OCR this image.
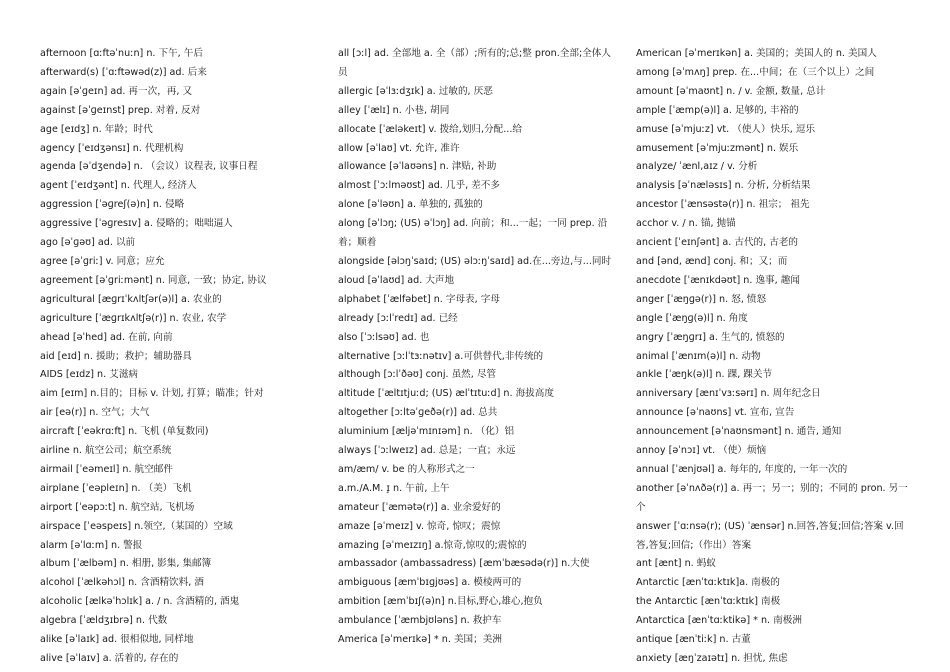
afternoon [ɑːftəˈnuːn] n. 下午, 午后
afterward(s) [ˈɑːftəwəd(z)] ad. 后来
again [əˈɡeɪn] ad. 再一次，再, 又
against [əˈɡeɪnst] prep. 对着, 反对
age [eɪdʒ] n. 年龄；时代
agency [ˈeɪdʒənsɪ] n. 代理机构
agenda [əˈdʒendə] n. （会议）议程表, 议事日程
agent [ˈeɪdʒənt] n. 代理人, 经济人
aggression [ˈəɡreʃ(ə)n] n. 侵略
aggressive [ˈəɡresɪv] a. 侵略的；咄咄逼人
ago [əˈɡəʊ] ad. 以前
agree [əˈɡriː] v. 同意；应允
agreement [əˈɡriːmənt] n. 同意, 一致；协定, 协议
agricultural [æɡrɪˈkʌltʃər(ə)l] a. 农业的
agriculture [ˈæɡrɪkʌltʃə(r)] n. 农业, 农学
ahead [əˈhed] ad. 在前, 向前
aid [eɪd] n. 援助；救护；辅助器具
AIDS [eɪdz] n. 艾滋病
aim [eɪm] n.目的；目标 v. 计划, 打算；瞄准；针对
air [eə(r)] n. 空气；大气
aircraft [ˈeəkrɑːft] n. 飞机 (单复数同)
airline n. 航空公司；航空系统
airmail [ˈeəmeɪl] n. 航空邮件
airplane [ˈeəpleɪn] n. （美）飞机
airport [ˈeəpɔːt] n. 航空站, 飞机场
airspace [ˈeəspeɪs] n.领空,（某国的）空域
alarm [əˈlɑːm] n. 警报
album [ˈælbəm] n. 相册, 影集, 集邮簿
alcohol [ˈælkəhɔl] n. 含酒精饮料, 酒
alcoholic [ælkəˈhɔlɪk] a. / n. 含酒精的, 酒鬼
algebra [ˈældʒɪbrə] n. 代数
alike [əˈlaɪk] ad. 很相似地, 同样地
alive [əˈlaɪv] a. 活着的, 存在的
all [ɔːl] ad. 全部地 a. 全（部）;所有的;总;整 pron.全部;全体人员
allergic [əˈlɜːdʒɪk] a. 过敏的, 厌恶
alley [ˈælɪ] n. 小巷, 胡同
allocate [ˈæləkeɪt] v. 拨给,划归,分配...给
allow [əˈlaʊ] vt. 允许, 准许
allowance [əˈlaʊəns] n. 津贴, 补助
almost [ˈɔːlməʊst] ad. 几乎, 差不多
alone [əˈləʊn] a. 单独的, 孤独的
along [əˈlɔŋ; (US) əˈlɔŋ] ad. 向前；和...一起；一同 prep. 沿着；顺着
alongside [əlɔŋˈsaɪd; (US) əlɔːŋˈsaɪd] ad.在...旁边,与...同时
aloud [əˈlaʊd] ad. 大声地
alphabet [ˈælfəbet] n. 字母表, 字母
already [ɔːlˈredɪ] ad. 已经
also [ˈɔːlsəʊ] ad. 也
alternative [ɔːlˈtɜːnətɪv] a.可供替代,非传统的
although [ɔːlˈðəʊ] conj. 虽然, 尽管
altitude [ˈæltɪtjuːd; (US) ælˈtɪtuːd] n. 海拔高度
altogether [ɔːltəˈɡeðə(r)] ad. 总共
aluminium [æljəˈmɪnɪəm] n. （化）铝
always [ˈɔːlweɪz] ad. 总是；一直；永远
am/æm/ v. be 的人称形式之一
a.m./A.M. ɪ̧ n. 午前, 上午
amateur [ˈæmətə(r)] a. 业余爱好的
amaze [əˈmeɪz] v. 惊奇, 惊叹；震惊
amazing [əˈmeɪzɪŋ] a.惊奇,惊叹的;震惊的
ambassador (ambassadress) [æmˈbæsədə(r)] n.大使
ambiguous [æmˈbɪɡjʊəs] a. 模棱两可的
ambition [æmˈbɪʃ(ə)n] n.目标,野心,雄心,抱负
ambulance [ˈæmbjʊləns] n. 救护车
America [əˈmerɪkə] * n. 美国；美洲
American [əˈmerɪkən] a. 美国的；美国人的 n. 美国人
among [əˈmʌŋ] prep. 在...中间；在（三个以上）之间
amount [əˈmaʊnt] n. / v. 金额, 数量, 总计
ample [ˈæmp(ə)l] a. 足够的, 丰裕的
amuse [əˈmjuːz] vt. （使人）快乐, 逗乐
amusement [əˈmjuːzmənt] n. 娱乐
analyze/ ˈænl,aɪz / v. 分析
analysis [əˈnæləsɪs] n. 分析, 分析结果
ancestor [ˈænsəstə(r)] n. 祖宗； 祖先
acchor v. / n. 锚, 抛锚
ancient [ˈeɪnʃənt] a. 古代的, 古老的
and [ənd, ænd] conj. 和；又；而
anecdote [ˈænɪkdəʊt] n. 逸事, 趣闻
anger [ˈæŋɡə(r)] n. 怒, 愤怒
angle [ˈæŋɡ(ə)l] n. 角度
angry [ˈæŋɡrɪ] a. 生气的, 愤怒的
animal [ˈænɪm(ə)l] n. 动物
ankle [ˈæŋk(ə)l] n. 踝, 踝关节
anniversary [ænɪˈvɜːsərɪ] n. 周年纪念日
announce [əˈnaʊns] vt. 宣布, 宣告
announcement [əˈnaʊnsmənt] n. 通告, 通知
annoy [əˈnɔɪ] vt. （使）烦恼
annual [ˈænjʊəl] a. 每年的, 年度的, 一年一次的
another [əˈnʌðə(r)] a. 再一；另一；别的；不同的 pron. 另一个
answer [ˈɑːnsə(r); (US) ˈænsər] n.回答,答复;回信;答案 v.回答,答复;回信;（作出）答案
ant [ænt] n. 蚂蚁
Antarctic [ænˈtɑːktɪk]a. 南极的
the Antarctic [ænˈtɑːktɪk] 南极
Antarctica [ænˈtɑːktikə] * n. 南极洲
antique [ænˈtiːk] n. 古董
anxiety [æŋˈzaɪətɪ] n. 担忧, 焦虑
